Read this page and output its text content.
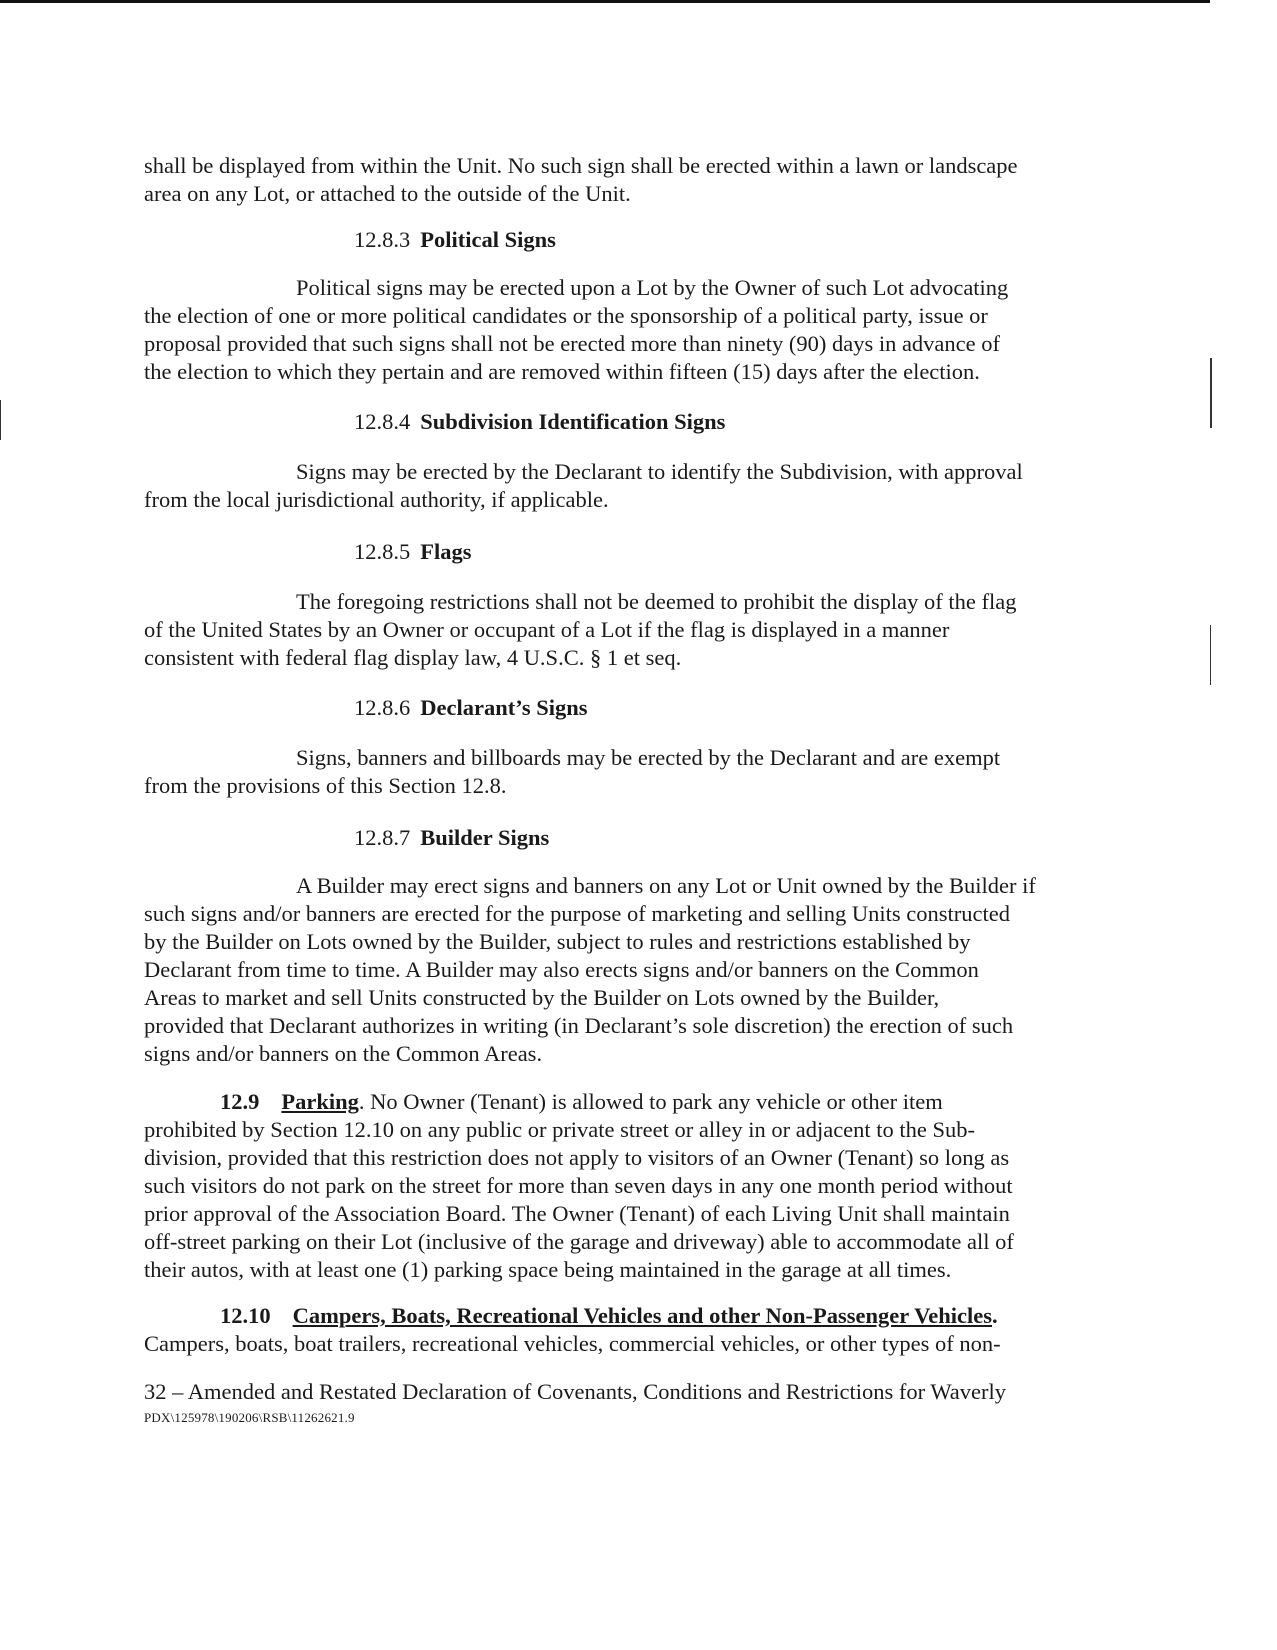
shall be displayed from within the Unit. No such sign shall be erected within a lawn or landscape

area on any Lot, or attached to the outside of the Unit.

12.8.3 Political Signs

Political signs may be erected upon a Lot by the Owner of such Lot advocating

the election of one or more political candidates or the sponsorship of a political party, issue or

proposal provided that such signs shall not be erected more than ninety (90) days in advance of

the election to which they pertain and are removed within fifteen (15) days after the election.

12.8.4 Subdivision Identification Signs

Signs may be erected by the Declarant to identify the Subdivision, with approval

from the local jurisdictional authority, if applicable.

12.8.5 Flags

The foregoing restrictions shall not be deemed to prohibit the display of the flag

of the United States by an Owner or occupant of a Lot if the flag is displayed in a manner

consistent with federal flag display law, 4 U.S.C. § 1 et seq.

12.8.6 Declarant’s Signs

Signs, banners and billboards may be erected by the Declarant and are exempt

from the provisions of this Section 12.8.

12.8.7 Builder Signs

A Builder may erect signs and banners on any Lot or Unit owned by the Builder if

such signs and/or banners are erected for the purpose of marketing and selling Units constructed

by the Builder on Lots owned by the Builder, subject to rules and restrictions established by

Declarant from time to time. A Builder may also erects signs and/or banners on the Common

Areas to market and sell Units constructed by the Builder on Lots owned by the Builder,

provided that Declarant authorizes in writing (in Declarant’s sole discretion) the erection of such

signs and/or banners on the Common Areas.

12.9 Parking. No Owner (Tenant) is allowed to park any vehicle or other item

prohibited by Section 12.10 on any public or private street or alley in or adjacent to the Sub-

division, provided that this restriction does not apply to visitors of an Owner (Tenant) so long as

such visitors do not park on the street for more than seven days in any one month period without

prior approval of the Association Board. The Owner (Tenant) of each Living Unit shall maintain

off-street parking on their Lot (inclusive of the garage and driveway) able to accommodate all of

their autos, with at least one (1) parking space being maintained in the garage at all times.

12.10 Campers, Boats, Recreational Vehicles and other Non-Passenger Vehicles.

Campers, boats, boat trailers, recreational vehicles, commercial vehicles, or other types of non-

32 – Amended and Restated Declaration of Covenants, Conditions and Restrictions for Waverly
PDX\125978\190206\RSB\11262621.9
